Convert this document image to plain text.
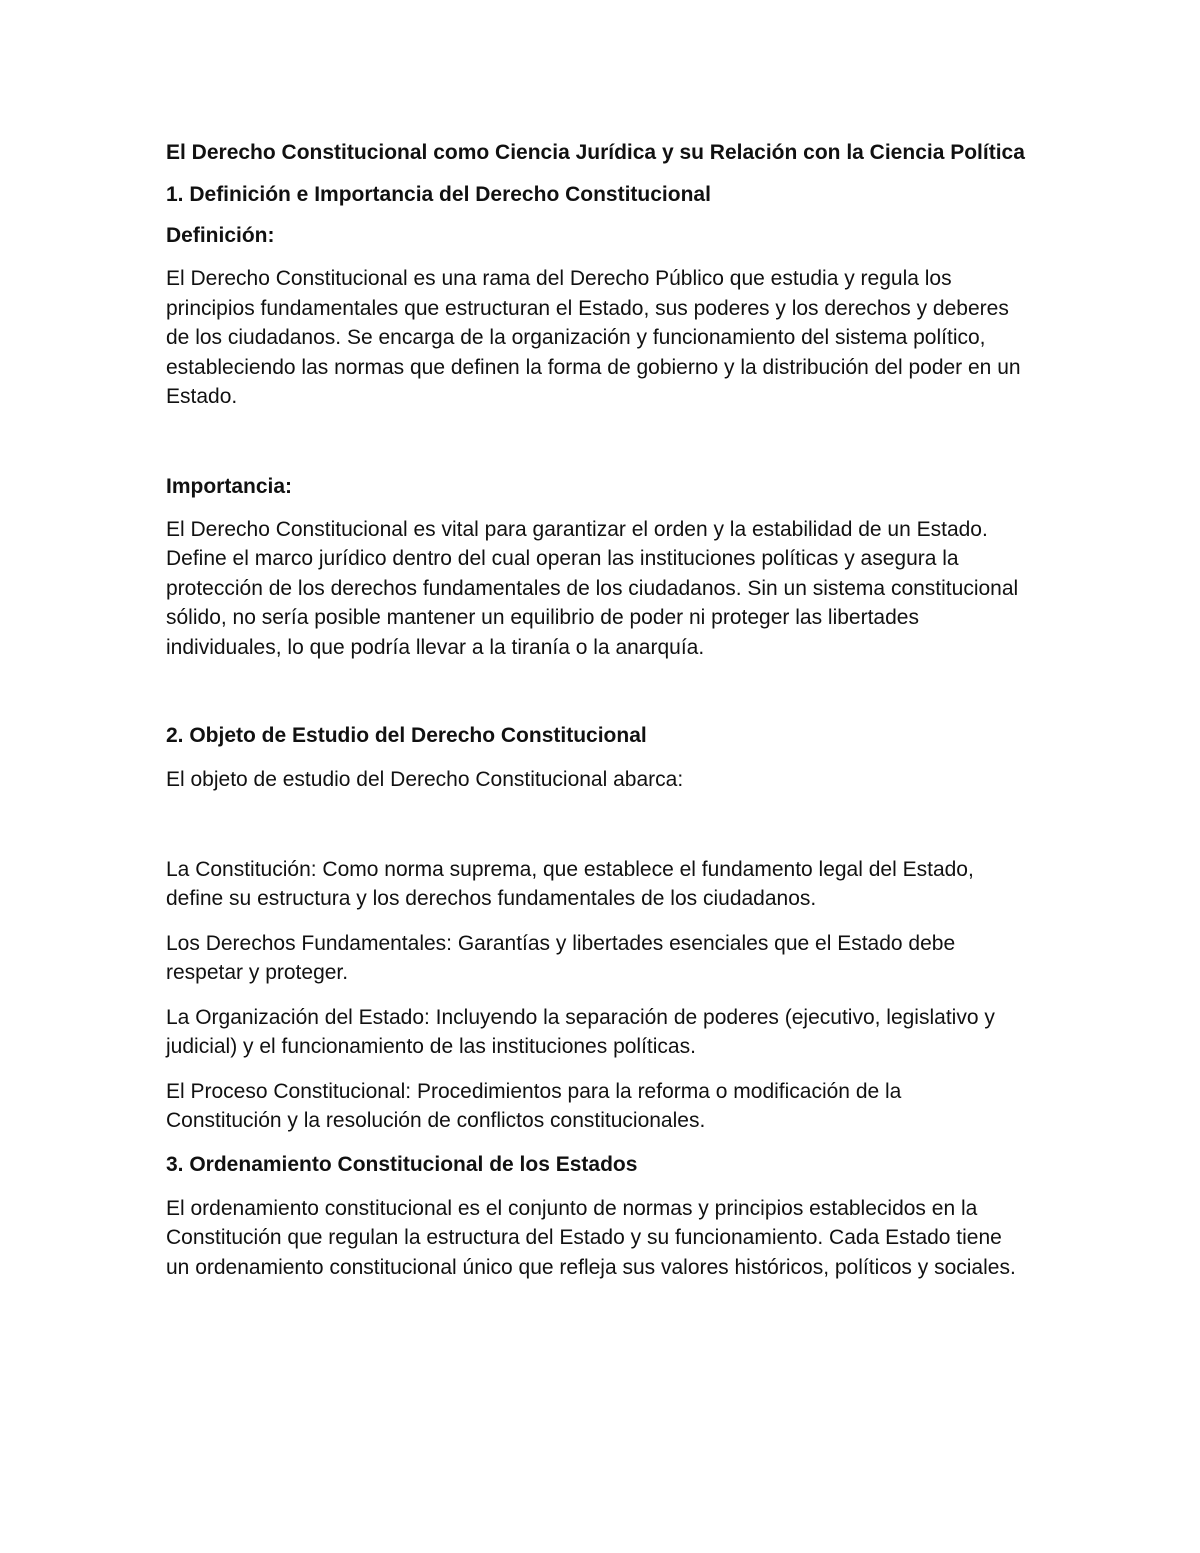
El Derecho Constitucional como Ciencia Jurídica y su Relación con la Ciencia Política
1. Definición e Importancia del Derecho Constitucional
Definición:
El Derecho Constitucional es una rama del Derecho Público que estudia y regula los principios fundamentales que estructuran el Estado, sus poderes y los derechos y deberes de los ciudadanos. Se encarga de la organización y funcionamiento del sistema político, estableciendo las normas que definen la forma de gobierno y la distribución del poder en un Estado.
Importancia:
El Derecho Constitucional es vital para garantizar el orden y la estabilidad de un Estado. Define el marco jurídico dentro del cual operan las instituciones políticas y asegura la protección de los derechos fundamentales de los ciudadanos. Sin un sistema constitucional sólido, no sería posible mantener un equilibrio de poder ni proteger las libertades individuales, lo que podría llevar a la tiranía o la anarquía.
2. Objeto de Estudio del Derecho Constitucional
El objeto de estudio del Derecho Constitucional abarca:
La Constitución: Como norma suprema, que establece el fundamento legal del Estado, define su estructura y los derechos fundamentales de los ciudadanos.
Los Derechos Fundamentales: Garantías y libertades esenciales que el Estado debe respetar y proteger.
La Organización del Estado: Incluyendo la separación de poderes (ejecutivo, legislativo y judicial) y el funcionamiento de las instituciones políticas.
El Proceso Constitucional: Procedimientos para la reforma o modificación de la Constitución y la resolución de conflictos constitucionales.
3. Ordenamiento Constitucional de los Estados
El ordenamiento constitucional es el conjunto de normas y principios establecidos en la Constitución que regulan la estructura del Estado y su funcionamiento. Cada Estado tiene un ordenamiento constitucional único que refleja sus valores históricos, políticos y sociales.
